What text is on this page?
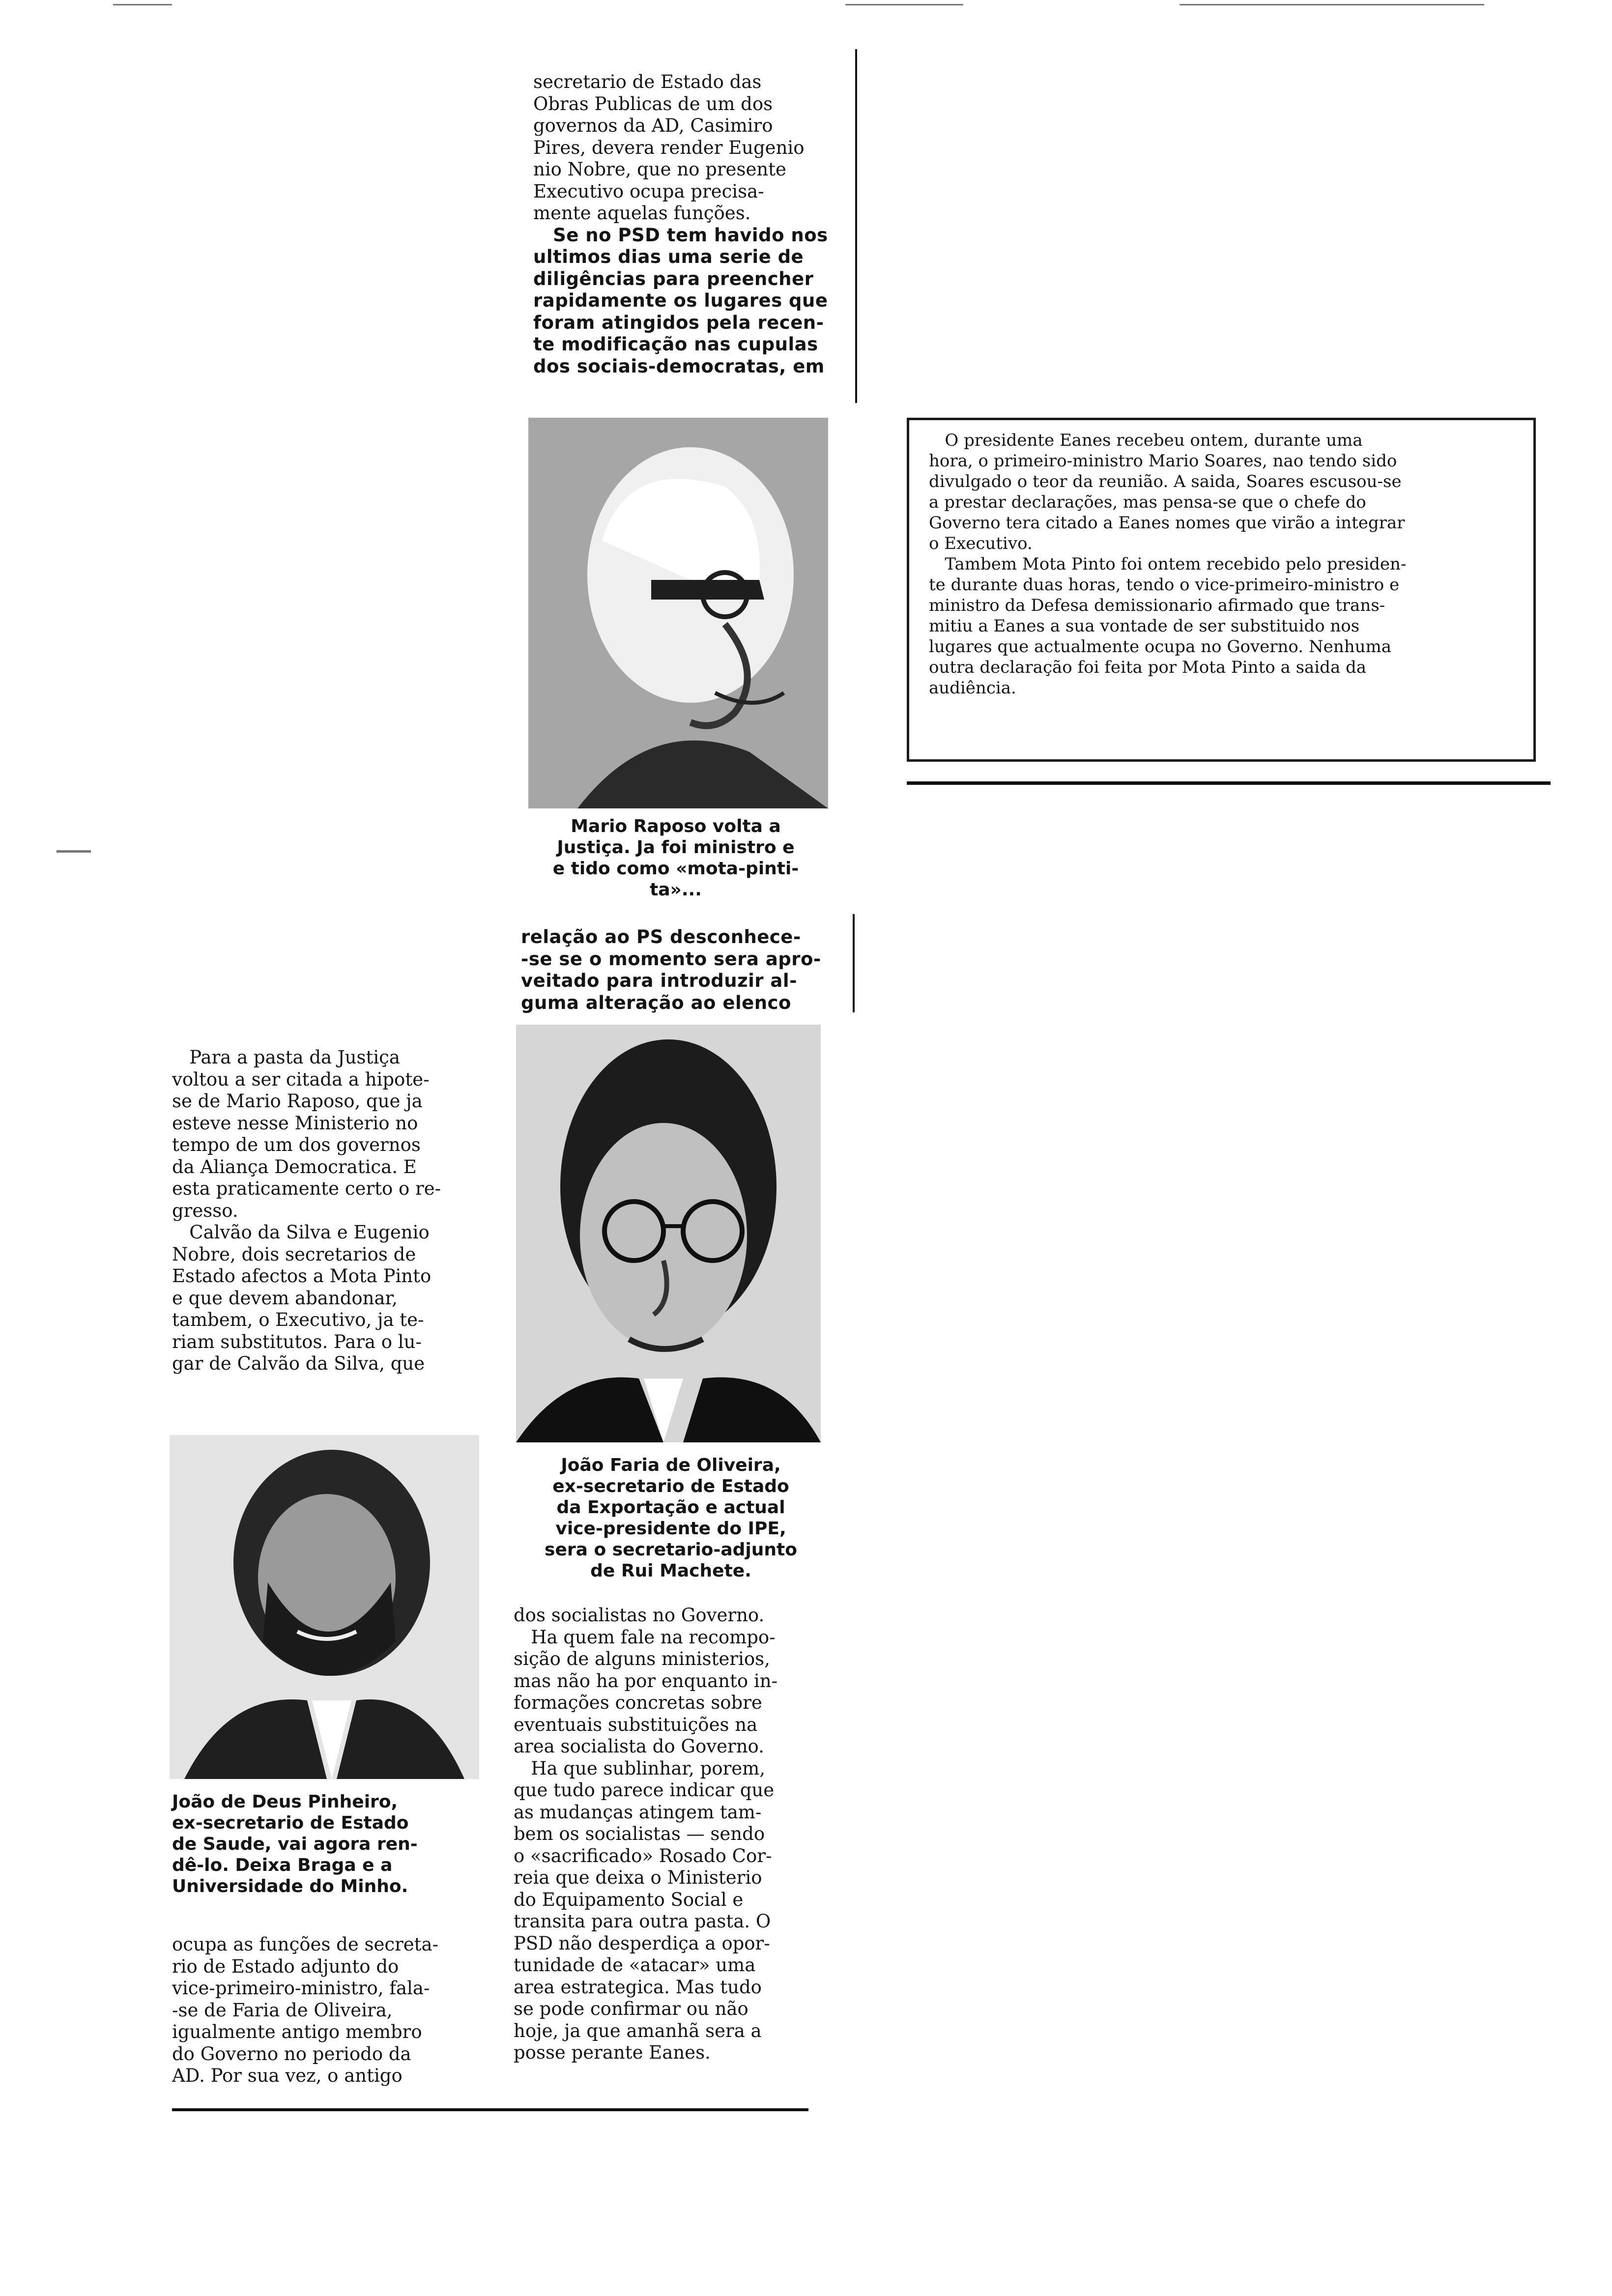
secretario de Estado das

Obras Publicas de um dos

governos da AD, Casimiro

Pires, devera render Eugenio

nio Nobre, que no presente

Executivo ocupa precisa-

mente aquelas funções.

Se no PSD tem havido nos

ultimos dias uma serie de

diligências para preencher

rapidamente os lugares que

foram atingidos pela recen-

te modificação nas cupulas

dos sociais-democratas, em

Mario Raposo volta a

Justiça. Ja foi ministro e

e tido como «mota-pinti-

ta»...

relação ao PS desconhece-

-se se o momento sera apro-

veitado para introduzir al-

guma alteração ao elenco

O presidente Eanes recebeu ontem, durante uma

hora, o primeiro-ministro Mario Soares, nao tendo sido

divulgado o teor da reunião. A saida, Soares escusou-se

a prestar declarações, mas pensa-se que o chefe do

Governo tera citado a Eanes nomes que virão a integrar

o Executivo.

Tambem Mota Pinto foi ontem recebido pelo presiden-

te durante duas horas, tendo o vice-primeiro-ministro e

ministro da Defesa demissionario afirmado que trans-

mitiu a Eanes a sua vontade de ser substituido nos

lugares que actualmente ocupa no Governo. Nenhuma

outra declaração foi feita por Mota Pinto a saida da

audiência.

Para a pasta da Justiça

voltou a ser citada a hipote-

se de Mario Raposo, que ja

esteve nesse Ministerio no

tempo de um dos governos

da Aliança Democratica. E

esta praticamente certo o re-

gresso.

Calvão da Silva e Eugenio

Nobre, dois secretarios de

Estado afectos a Mota Pinto

e que devem abandonar,

tambem, o Executivo, ja te-

riam substitutos. Para o lu-

gar de Calvão da Silva, que

João Faria de Oliveira,

ex-secretario de Estado

da Exportação e actual

vice-presidente do IPE,

sera o secretario-adjunto

de Rui Machete.

João de Deus Pinheiro,

ex-secretario de Estado

de Saude, vai agora ren-

dê-lo. Deixa Braga e a

Universidade do Minho.

ocupa as funções de secreta-

rio de Estado adjunto do

vice-primeiro-ministro, fala-

-se de Faria de Oliveira,

igualmente antigo membro

do Governo no periodo da

AD. Por sua vez, o antigo

dos socialistas no Governo.

Ha quem fale na recompo-

sição de alguns ministerios,

mas não ha por enquanto in-

formações concretas sobre

eventuais substituições na

area socialista do Governo.

Ha que sublinhar, porem,

que tudo parece indicar que

as mudanças atingem tam-

bem os socialistas — sendo

o «sacrificado» Rosado Cor-

reia que deixa o Ministerio

do Equipamento Social e

transita para outra pasta. O

PSD não desperdiça a opor-

tunidade de «atacar» uma

area estrategica. Mas tudo

se pode confirmar ou não

hoje, ja que amanhã sera a

posse perante Eanes.
